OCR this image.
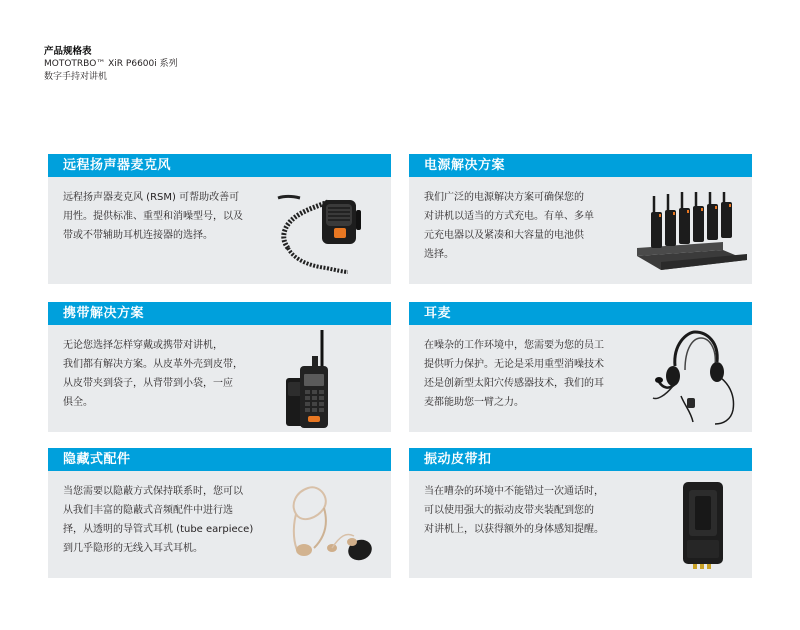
产品规格表
MOTOTRBO™ XiR P6600i 系列
数字手持对讲机
远程扬声器麦克风
远程扬声器麦克风 (RSM) 可帮助改善可
用性。提供标准、重型和消噪型号，以及
带或不带辅助耳机连接器的选择。
电源解决方案
我们广泛的电源解决方案可确保您的
对讲机以适当的方式充电。有单、多单
元充电器以及紧凑和大容量的电池供
选择。
携带解决方案
无论您选择怎样穿戴或携带对讲机，
我们都有解决方案。从皮革外壳到皮带，
从皮带夹到袋子，从背带到小袋，一应
俱全。
耳麦
在噪杂的工作环境中，您需要为您的员工
提供听力保护。无论是采用重型消噪技术
还是创新型太阳穴传感器技术，我们的耳
麦都能助您一臂之力。
隐藏式配件
当您需要以隐蔽方式保持联系时，您可以
从我们丰富的隐蔽式音频配件中进行选
择，从透明的导管式耳机 (tube earpiece)
到几乎隐形的无线入耳式耳机。
振动皮带扣
当在嘈杂的环境中不能错过一次通话时，
可以使用强大的振动皮带夹装配到您的
对讲机上，以获得额外的身体感知提醒。
